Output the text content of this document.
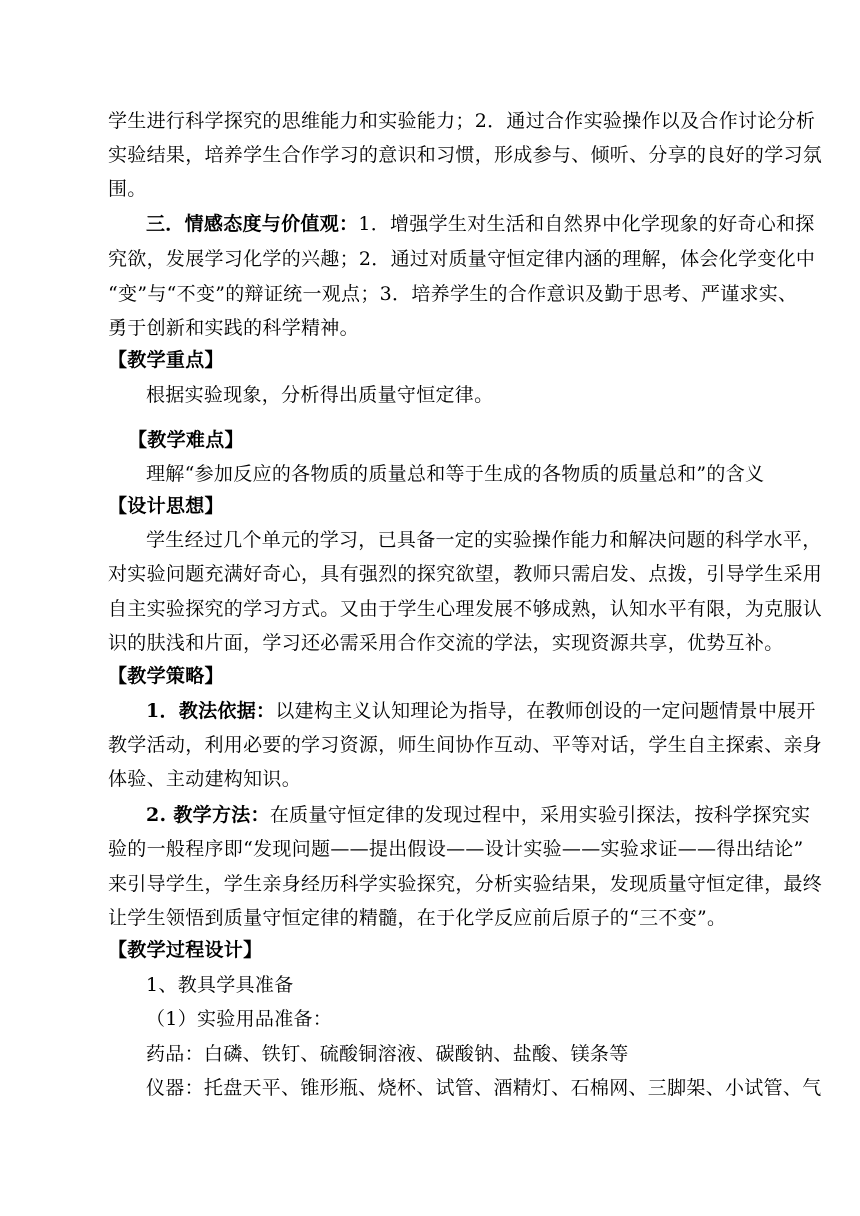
学生进行科学探究的思维能力和实验能力；2．通过合作实验操作以及合作讨论分析
实验结果，培养学生合作学习的意识和习惯，形成参与、倾听、分享的良好的学习氛
围。
三．情感态度与价值观：1．增强学生对生活和自然界中化学现象的好奇心和探
究欲，发展学习化学的兴趣；2．通过对质量守恒定律内涵的理解，体会化学变化中
“变”与“不变”的辩证统一观点；3．培养学生的合作意识及勤于思考、严谨求实、
勇于创新和实践的科学精神。
【教学重点】
根据实验现象，分析得出质量守恒定律。
【教学难点】
理解“参加反应的各物质的质量总和等于生成的各物质的质量总和”的含义
【设计思想】
学生经过几个单元的学习，已具备一定的实验操作能力和解决问题的科学水平，
对实验问题充满好奇心，具有强烈的探究欲望，教师只需启发、点拨，引导学生采用
自主实验探究的学习方式。又由于学生心理发展不够成熟，认知水平有限，为克服认
识的肤浅和片面，学习还必需采用合作交流的学法，实现资源共享，优势互补。
【教学策略】
1．教法依据：以建构主义认知理论为指导，在教师创设的一定问题情景中展开
教学活动，利用必要的学习资源，师生间协作互动、平等对话，学生自主探索、亲身
体验、主动建构知识。
2. 教学方法：在质量守恒定律的发现过程中，采用实验引探法，按科学探究实
验的一般程序即“发现问题——提出假设——设计实验——实验求证——得出结论”
来引导学生，学生亲身经历科学实验探究，分析实验结果，发现质量守恒定律，最终
让学生领悟到质量守恒定律的精髓，在于化学反应前后原子的“三不变”。
【教学过程设计】
1、教具学具准备
（1）实验用品准备：
药品：白磷、铁钉、硫酸铜溶液、碳酸钠、盐酸、镁条等
仪器：托盘天平、锥形瓶、烧杯、试管、酒精灯、石棉网、三脚架、小试管、气
